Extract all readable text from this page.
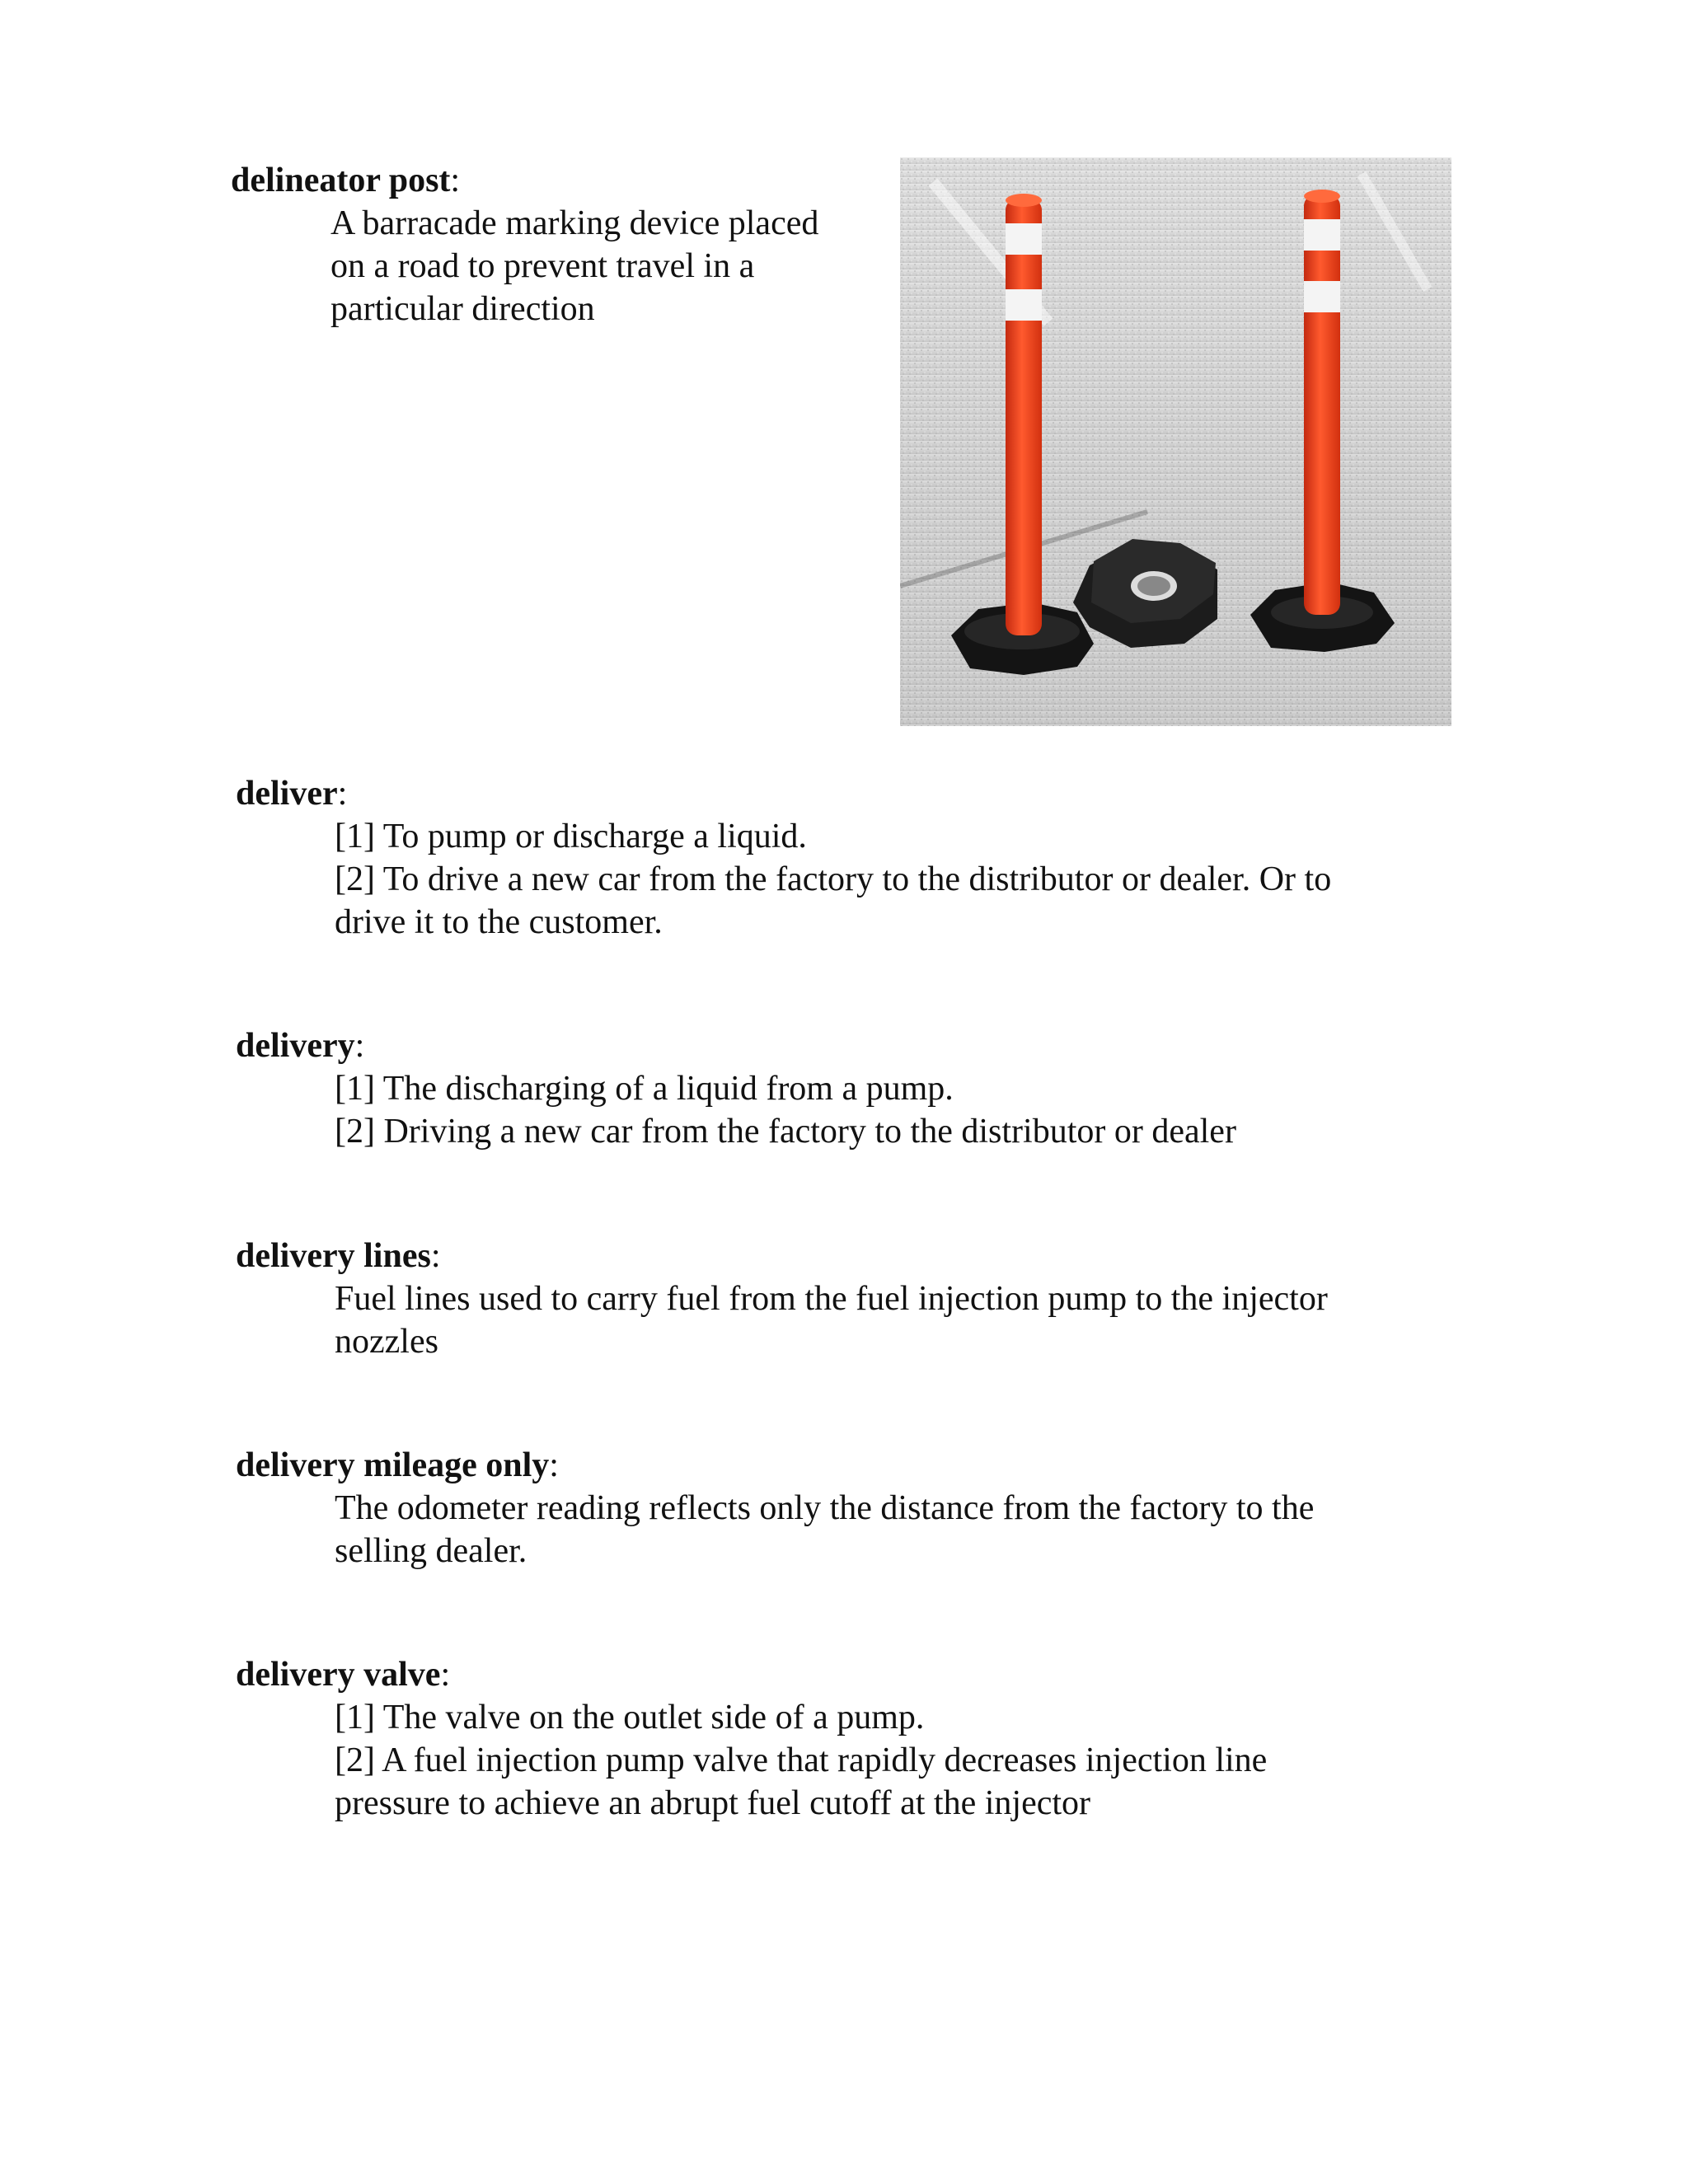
delineator post:
A barracade marking device placed
on a road to prevent travel in a
particular direction
deliver:
[1] To pump or discharge a liquid.
[2] To drive a new car from the factory to the distributor or dealer. Or to
drive it to the customer.
delivery:
[1] The discharging of a liquid from a pump.
[2] Driving a new car from the factory to the distributor or dealer
delivery lines:
Fuel lines used to carry fuel from the fuel injection pump to the injector
nozzles
delivery mileage only:
The odometer reading reflects only the distance from the factory to the
selling dealer.
delivery valve:
[1] The valve on the outlet side of a pump.
[2] A fuel injection pump valve that rapidly decreases injection line
pressure to achieve an abrupt fuel cutoff at the injector
